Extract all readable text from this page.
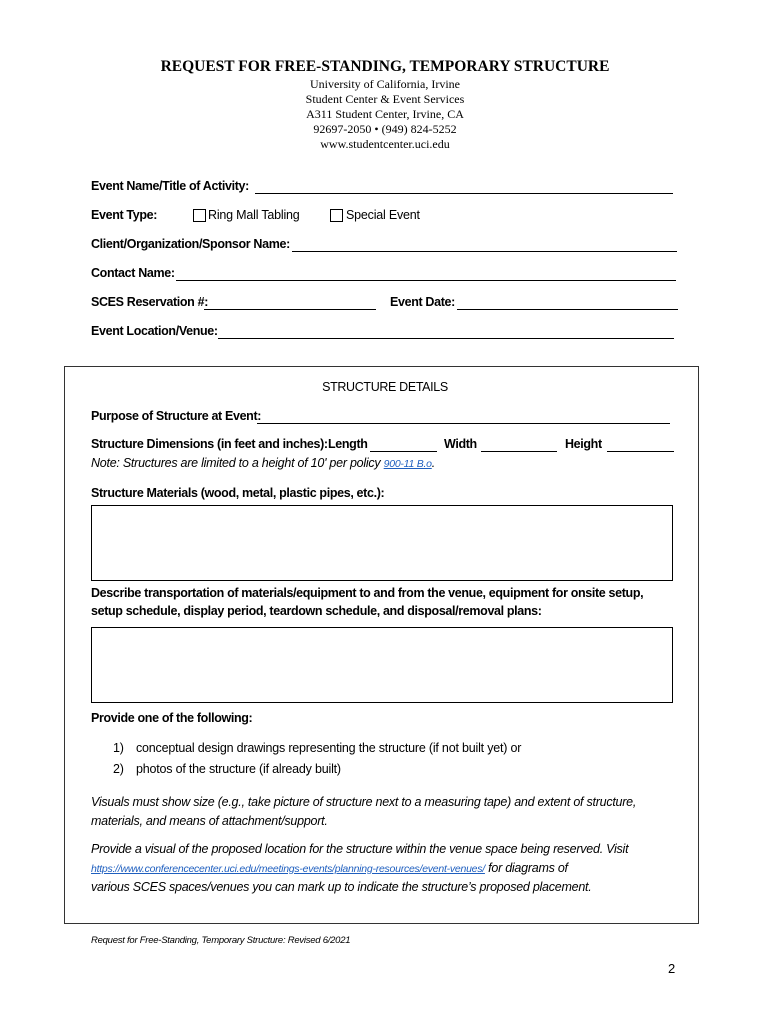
REQUEST FOR FREE-STANDING, TEMPORARY STRUCTURE
University of California, Irvine
Student Center & Event Services
A311 Student Center, Irvine, CA
92697-2050 • (949) 824-5252
www.studentcenter.uci.edu
Event Name/Title of Activity:
Event Type:	Ring Mall Tabling	Special Event
Client/Organization/Sponsor Name:
Contact Name:
SCES Reservation #:	Event Date:
Event Location/Venue:
STRUCTURE DETAILS
Purpose of Structure at Event:
Structure Dimensions (in feet and inches): Length	Width	Height
Note: Structures are limited to a height of 10' per policy 900-11 B.o.
Structure Materials (wood, metal, plastic pipes, etc.):
Describe transportation of materials/equipment to and from the venue, equipment for onsite setup,
setup schedule, display period, teardown schedule, and disposal/removal plans:
Provide one of the following:
1) conceptual design drawings representing the structure (if not built yet) or
2) photos of the structure (if already built)
Visuals must show size (e.g., take picture of structure next to a measuring tape) and extent of structure,
materials, and means of attachment/support.
Provide a visual of the proposed location for the structure within the venue space being reserved. Visit
https://www.conferencecenter.uci.edu/meetings-events/planning-resources/event-venues/ for diagrams of
various SCES spaces/venues you can mark up to indicate the structure’s proposed placement.
Request for Free-Standing, Temporary Structure: Revised 6/2021
2
